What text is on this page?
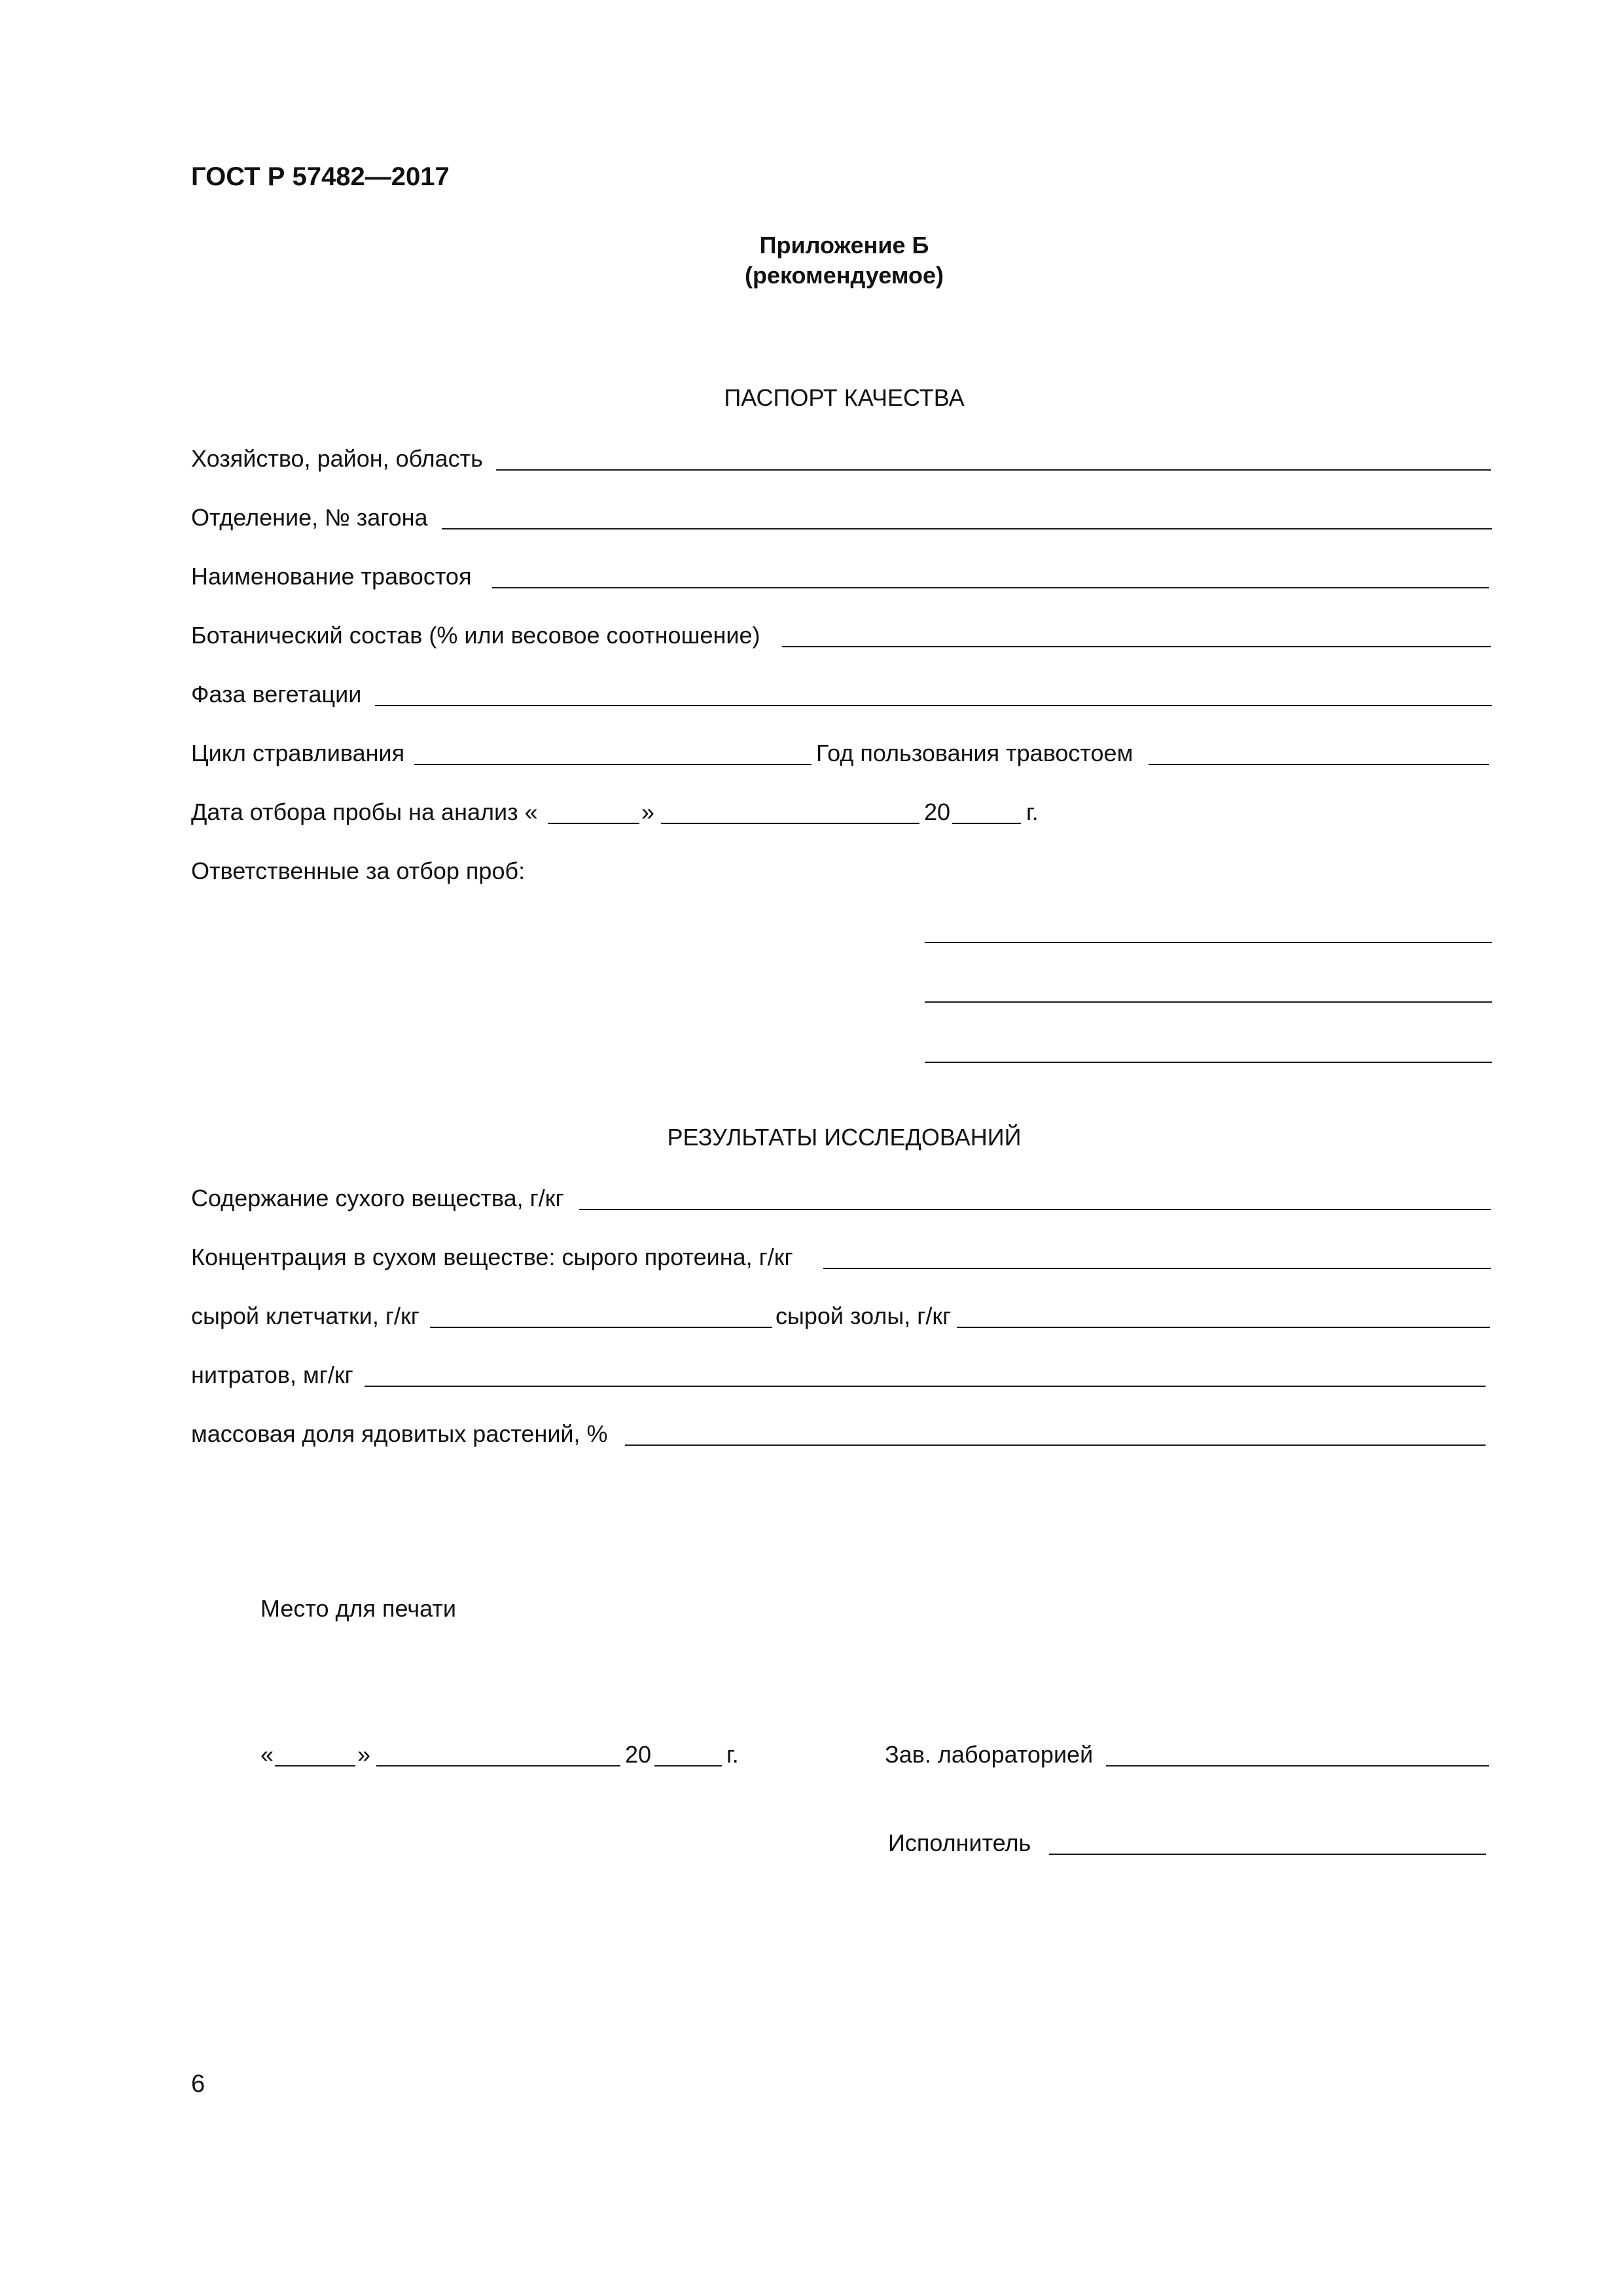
ГОСТ Р 57482—2017
Приложение Б
(рекомендуемое)
ПАСПОРТ КАЧЕСТВА
Хозяйство, район, область
Отделение, № загона
Наименование травостоя
Ботанический состав (% или весовое соотношение)
Фаза вегетации
Цикл стравливания	Год пользования травостоем
Дата отбора пробы на анализ «	»	20	г.
Ответственные за отбор проб:
РЕЗУЛЬТАТЫ ИССЛЕДОВАНИЙ
Содержание сухого вещества, г/кг
Концентрация в сухом веществе: сырого протеина, г/кг
сырой клетчатки, г/кг	сырой золы, г/кг
нитратов, мг/кг
массовая доля ядовитых растений, %
Место для печати
«	»	20	г.	Зав. лабораторией
Исполнитель
6
